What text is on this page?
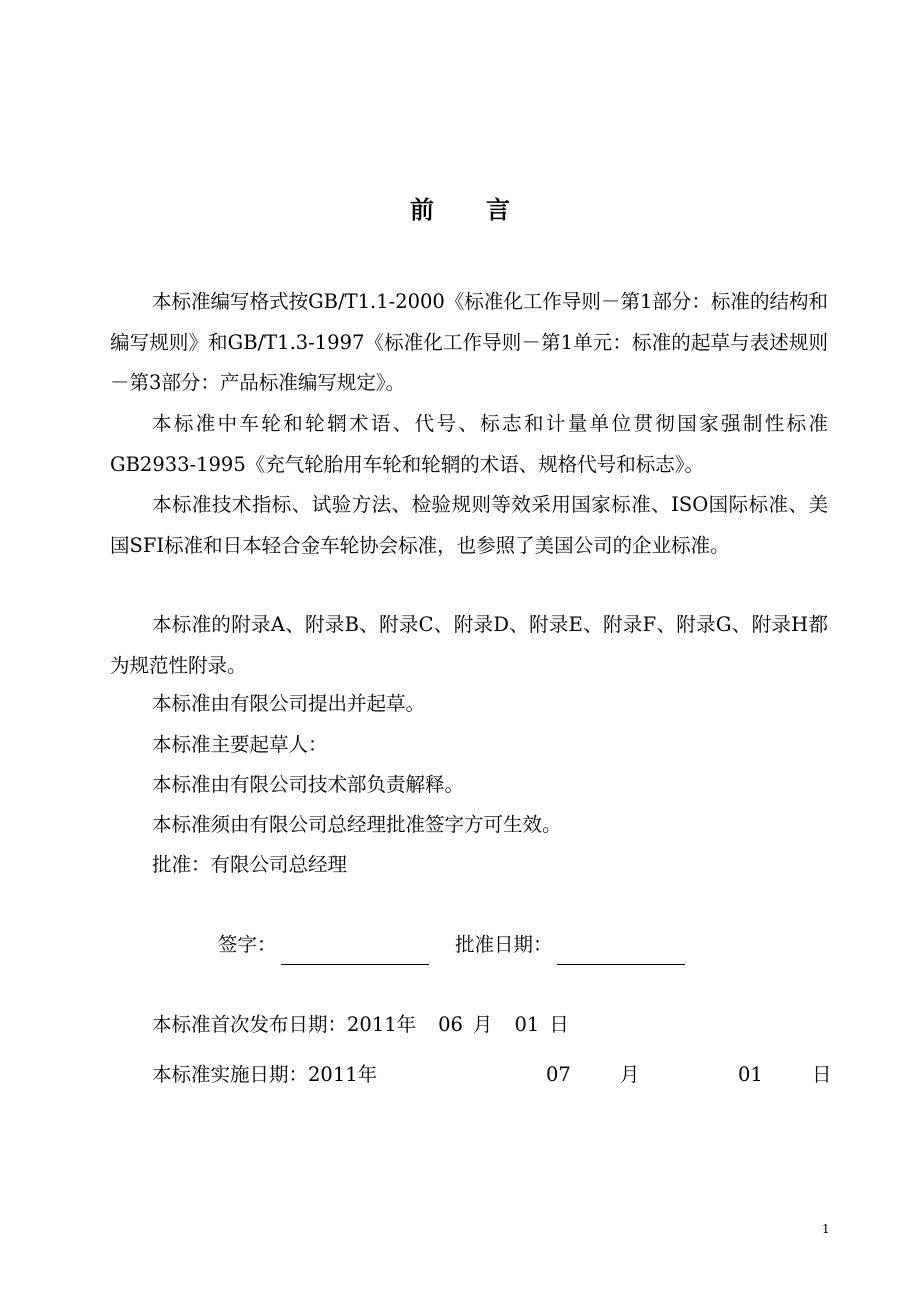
前 言

本标准编写格式按GB/T1.1-2000《标准化工作导则－第1部分：标准的结构和编写规则》和GB/T1.3-1997《标准化工作导则－第1单元：标准的起草与表述规则－第3部分：产品标准编写规定》。

本标准中车轮和轮辋术语、代号、标志和计量单位贯彻国家强制性标准GB2933-1995《充气轮胎用车轮和轮辋的术语、规格代号和标志》。

本标准技术指标、试验方法、检验规则等效采用国家标准、ISO国际标准、美国SFI标准和日本轻合金车轮协会标准，也参照了美国公司的企业标准。

本标准的附录A、附录B、附录C、附录D、附录E、附录F、附录G、附录H都为规范性附录。

本标准由有限公司提出并起草。
本标准主要起草人：
本标准由有限公司技术部负责解释。
本标准须由有限公司总经理批准签字方可生效。
批准：有限公司总经理
签字：	批准日期：
本标准首次发布日期：2011年 06 月 01 日
本标准实施日期：2011年	07	月	01	日
1
